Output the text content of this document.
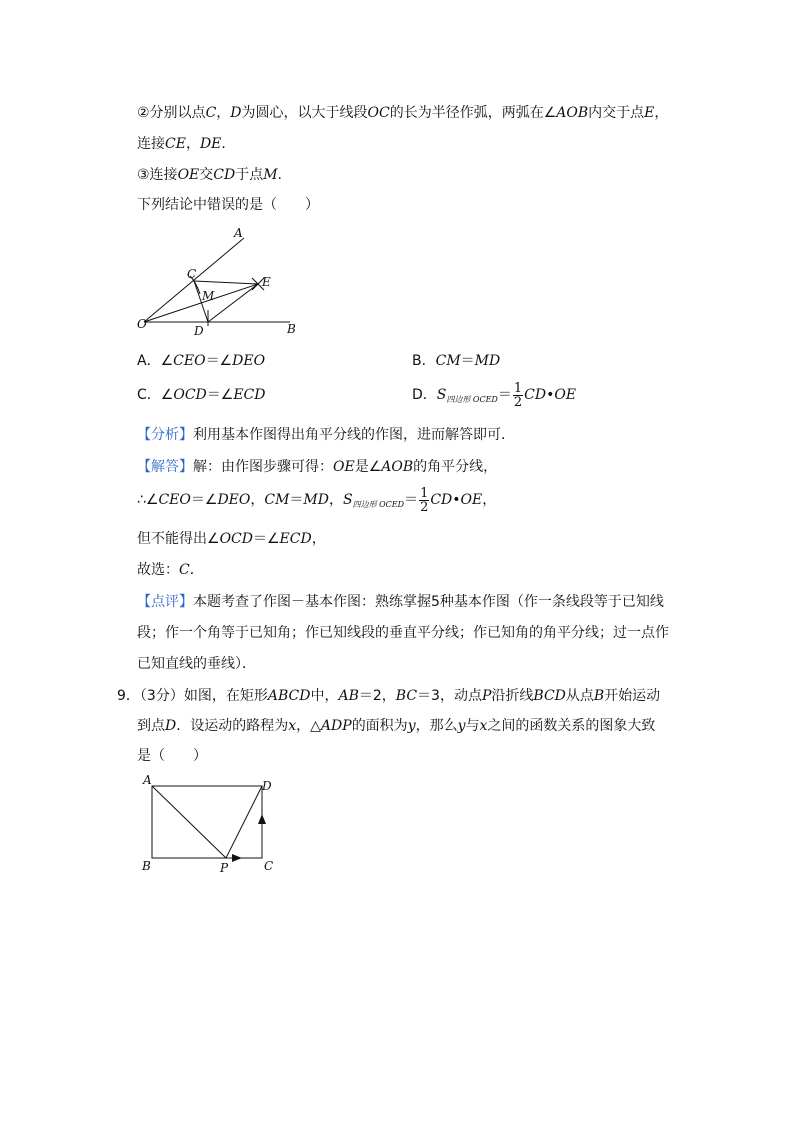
②分别以点C，D为圆心，以大于线段OC的长为半径作弧，两弧在∠AOB内交于点E，
连接CE，DE.
③连接OE交CD于点M.
下列结论中错误的是（　　）
A
B
C
D
E
M
O
A．∠CEO＝∠DEO	B．CM＝MD
C．∠OCD＝∠ECD	D．$S_{四边形 OCED}= \frac{1}{2}$ CD•OE
【分析】利用基本作图得出角平分线的作图，进而解答即可．
【解答】解：由作图步骤可得：OE是∠AOB的角平分线，
∴∠CEO＝∠DEO，CM＝MD，$S_{四边形 OCED}= \frac{1}{2}$ CD•OE，
但不能得出∠OCD＝∠ECD，
故选：C．
【点评】本题考查了作图－基本作图：熟练掌握5种基本作图（作一条线段等于已知线
段；作一个角等于已知角；作已知线段的垂直平分线；作已知角的角平分线；过一点作
已知直线的垂线）．
9．（3分）如图，在矩形ABCD中，AB＝2，BC＝3，动点P沿折线BCD从点B开始运动
到点D．设运动的路程为x，△ADP的面积为y，那么y与x之间的函数关系的图象大致
是（　　）
A
B	C
D
P
